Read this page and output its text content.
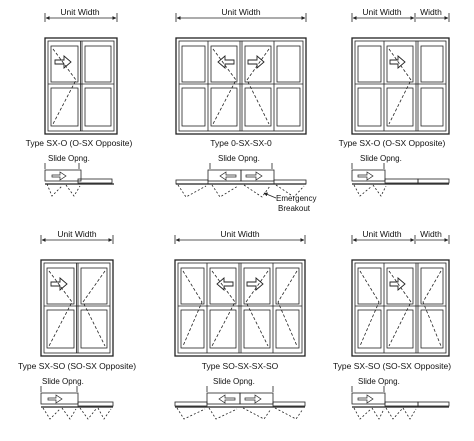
Unit Width
Type SX-O (O-SX Opposite)
Slide Opng.
Unit Width
Type 0-SX-SX-0
Slide Opng.
Emergency
Breakout
Unit Width Width
Type SX-O (O-SX Opposite)
Slide Opng.
Unit Width
Type SX-SO (SO-SX Opposite)
Slide Opng.
Unit Width
Type SO-SX-SX-SO
Slide Opng.
Unit Width Width
Type SX-SO (SO-SX Opposite)
Slide Opng.
